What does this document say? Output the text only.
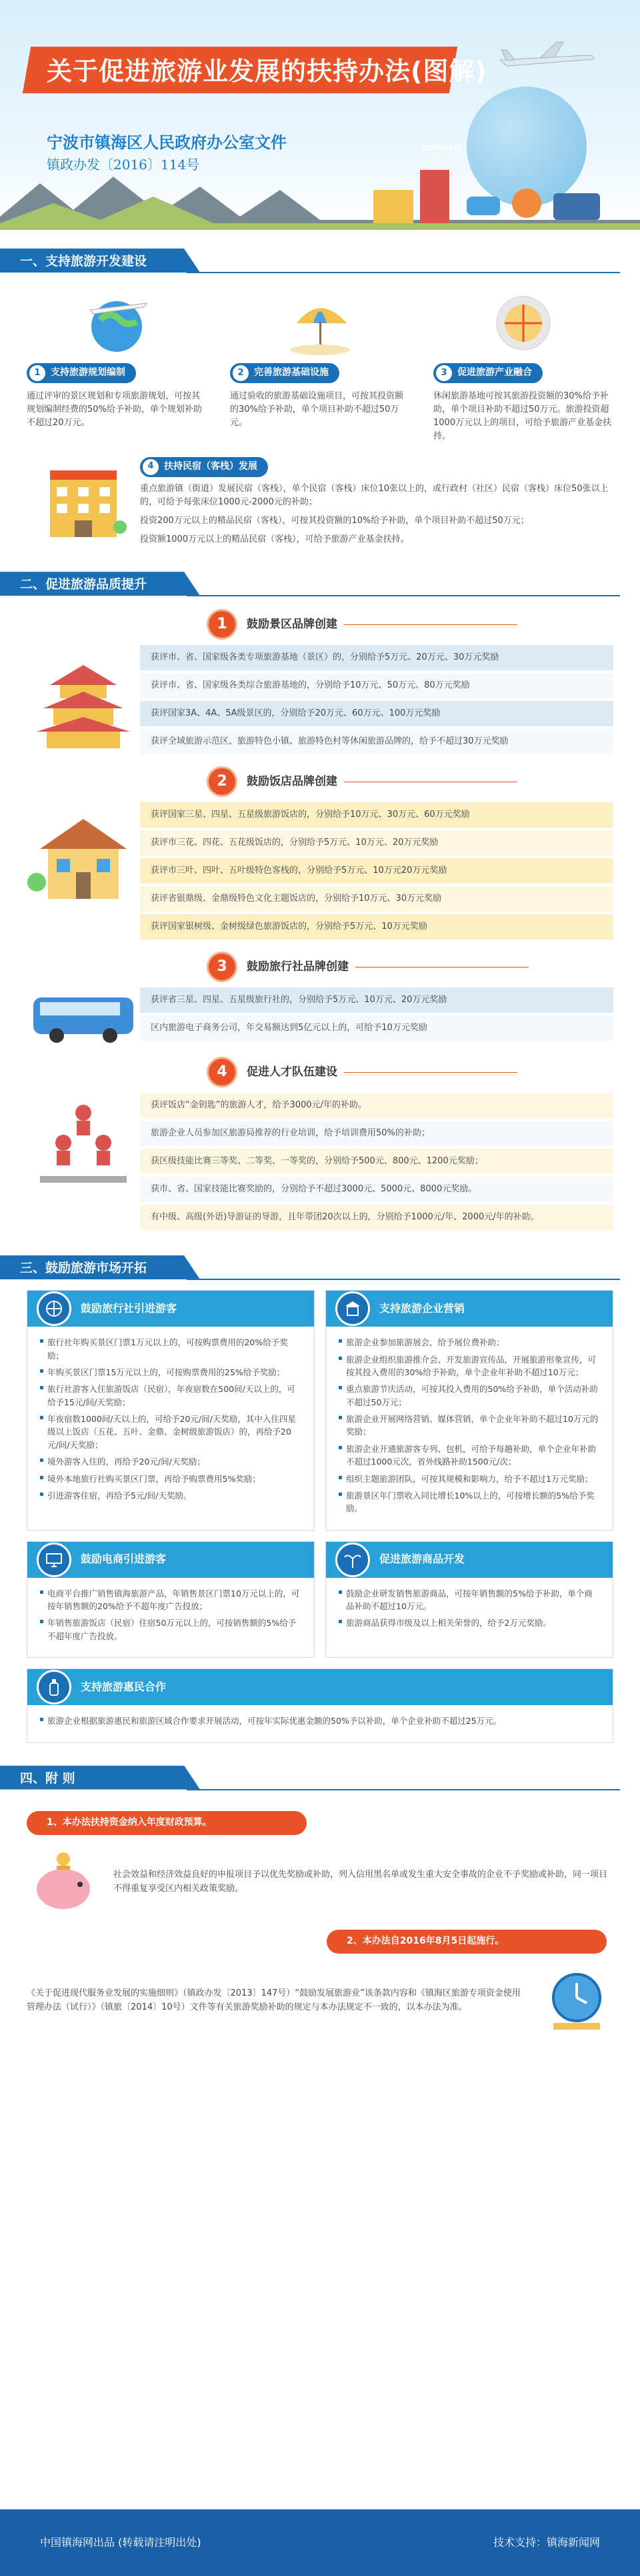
关于促进旅游业发展的扶持办法(图解)
宁波市镇海区人民政府办公室文件
镇政办发〔2016〕114号
HOTEL 24h
一、支持旅游开发建设
1	支持旅游规划编制
通过评审的景区规划和专项旅游规划，可按其规划编制经费的50%给予补助，单个规划补助不超过20万元。
2	完善旅游基础设施
通过验收的旅游基础设施项目，可按其投资额的30%给予补助，单个项目补助不超过50万元。
3	促进旅游产业融合
休闲旅游基地可按其旅游投资额的30%给予补助，单个项目补助不超过50万元。旅游投资超1000万元以上的项目，可给予旅游产业基金扶持。
4	扶持民宿（客栈）发展
重点旅游镇（街道）发展民宿（客栈），单个民宿（客栈）床位10张以上的，或行政村（社区）民宿（客栈）床位50张以上的，可给予每张床位1000元-2000元的补助；
投资200万元以上的精品民宿（客栈），可按其投资额的10%给予补助，单个项目补助不超过50万元；
投资额1000万元以上的精品民宿（客栈），可给予旅游产业基金扶持。
二、促进旅游品质提升
1	鼓励景区品牌创建
获评市、省、国家级各类专项旅游基地（景区）的，分别给予5万元、20万元、30万元奖励
获评市、省、国家级各类综合旅游基地的，分别给予10万元、50万元、80万元奖励
获评国家3A、4A、5A级景区的，分别给予20万元、60万元、100万元奖励
获评全域旅游示范区、旅游特色小镇、旅游特色村等休闲旅游品牌的，给予不超过30万元奖励
2	鼓励饭店品牌创建
获评国家三星、四星、五星级旅游饭店的，分别给予10万元、30万元、60万元奖励
获评市三花、四花、五花级饭店的，分别给予5万元、10万元、20万元奖励
获评市三叶、四叶、五叶级特色客栈的，分别给予5万元、10万元20万元奖励
获评省银鼎级、金鼎级特色文化主题饭店的，分别给予10万元、30万元奖励
获评国家银树级、金树级绿色旅游饭店的，分别给予5万元、10万元奖励
3	鼓励旅行社品牌创建
获评省三星、四星、五星级旅行社的，分别给予5万元、10万元、20万元奖励
区内旅游电子商务公司，年交易额达到5亿元以上的，可给予10万元奖励
4	促进人才队伍建设
获评饭店“金钥匙”的旅游人才，给予3000元/年的补助。
旅游企业人员参加区旅游局推荐的行业培训，给予培训费用50%的补助；
获区级技能比赛三等奖、二等奖、一等奖的，分别给予500元、800元、1200元奖励；
获市、省、国家技能比赛奖励的，分别给予不超过3000元、5000元、8000元奖励。
有中级、高级(外语)导游证的导游，且年带团20次以上的，分别给予1000元/年、2000元/年的补助。
三、鼓励旅游市场开拓
鼓励旅行社引进游客
▪ 旅行社年购买景区门票1万元以上的，可按购票费用的20%给予奖励；
▪ 年购买景区门票15万元以上的，可按购票费用的25%给予奖励；
▪ 旅行社游客入住旅游饭店（民宿），年夜宿数在500间/天以上的，可给予15元/间/天奖励；
▪ 年夜宿数1000间/天以上的，可给予20元/间/天奖励，其中入住四星级以上饭店（五花、五叶、金鼎、金树级旅游饭店）的，再给予20元/间/天奖励；
▪ 境外游客入住的，再给予20元/间/天奖励；
▪ 境外本地旅行社购买景区门票，再给予购票费用5%奖励；
▪ 引进游客住宿，再给予5元/间/天奖励。
支持旅游企业营销
▪ 旅游企业参加旅游展会，给予展位费补助；
▪ 旅游企业组织旅游推介会、开发旅游宣传品，开展旅游形象宣传，可按其投入费用的30%给予补助，单个企业年补助不超过10万元；
▪ 重点旅游节庆活动，可按其投入费用的50%给予补助，单个活动补助不超过50万元；
▪ 旅游企业开展网络营销、媒体营销，单个企业年补助不超过10万元的奖励；
▪ 旅游企业开通旅游客专列、包机，可给予每趟补助，单个企业年补助不超过1000元次，省外线路补助1500元/次；
▪ 组织主题旅游团队，可按其规模和影响力，给予不超过1万元奖励；
▪ 旅游景区年门票收入同比增长10%以上的，可按增长额的5%给予奖励。
鼓励电商引进游客
▪ 电商平台推广销售镇海旅游产品，年销售景区门票10万元以上的，可按年销售额的20%给予不超年度广告投放；
▪ 年销售旅游饭店（民宿）住宿50万元以上的，可按销售额的5%给予不超年度广告投放。
促进旅游商品开发
▪ 鼓励企业研发销售旅游商品，可按年销售额的5%给予补助，单个商品补助不超过10万元。
▪ 旅游商品获得市级及以上相关荣誉的，给予2万元奖励。
支持旅游惠民合作
▪ 旅游企业根据旅游惠民和旅游区域合作要求开展活动，可按年实际优惠金额的50%予以补助，单个企业补助不超过25万元。
四、附 则
1、本办法扶持资金纳入年度财政预算。
社会效益和经济效益良好的申报项目予以优先奖励或补助，列入信用黑名单或发生重大安全事故的企业不予奖励或补助，同一项目不得重复享受区内相关政策奖励。
2、本办法自2016年8月5日起施行。
《关于促进现代服务业发展的实施细则》（镇政办发〔2013〕147号）“鼓励发展旅游业”该条款内容和《镇海区旅游专项资金使用管理办法（试行）》（镇旅〔2014〕10号）文件等有关旅游奖励补助的规定与本办法规定不一致的，以本办法为准。
中国镇海网出品 (转载请注明出处)	技术支持：镇海新闻网
